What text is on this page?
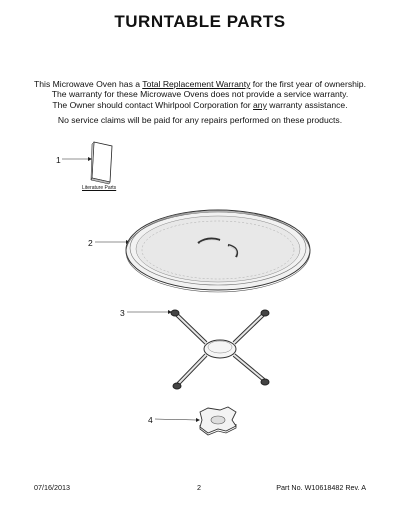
TURNTABLE PARTS
This Microwave Oven has a Total Replacement Warranty for the first year of ownership.
The warranty for these Microwave Ovens does not provide a service warranty.
The Owner should contact Whirlpool Corporation for any warranty assistance.
No service claims will be paid for any repairs performed on these products.
1
Literature Parts
2
3
4
07/16/2013	2	Part No. W10618482 Rev. A
